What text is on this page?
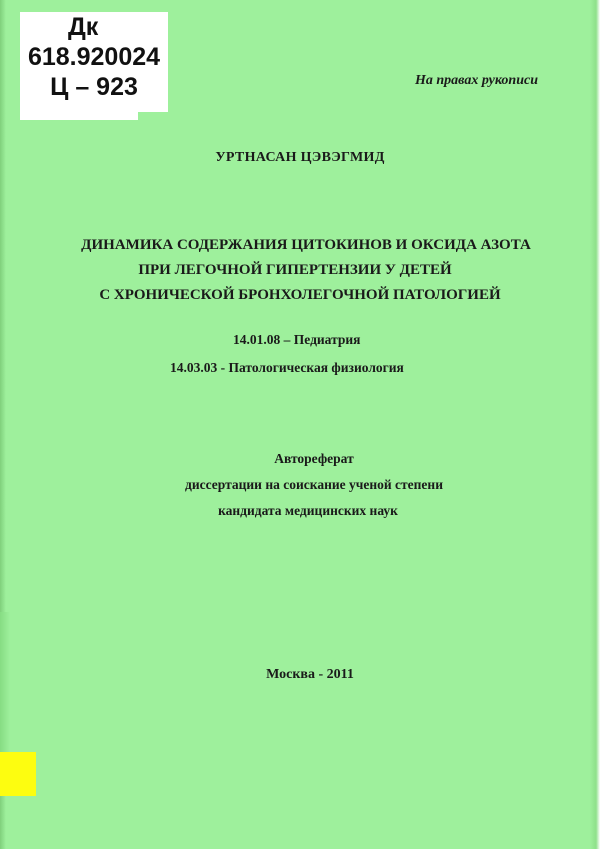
Дк
618.920024
Ц – 923	На правах рукописи
УРТНАСАН ЦЭВЭГМИД
ДИНАМИКА СОДЕРЖАНИЯ ЦИТОКИНОВ И ОКСИДА АЗОТА
ПРИ ЛЕГОЧНОЙ ГИПЕРТЕНЗИИ У ДЕТЕЙ
С ХРОНИЧЕСКОЙ БРОНХОЛЕГОЧНОЙ ПАТОЛОГИЕЙ
14.01.08 – Педиатрия
14.03.03 - Патологическая физиология
Автореферат
диссертации на соискание ученой степени
кандидата медицинских наук
Москва - 2011
